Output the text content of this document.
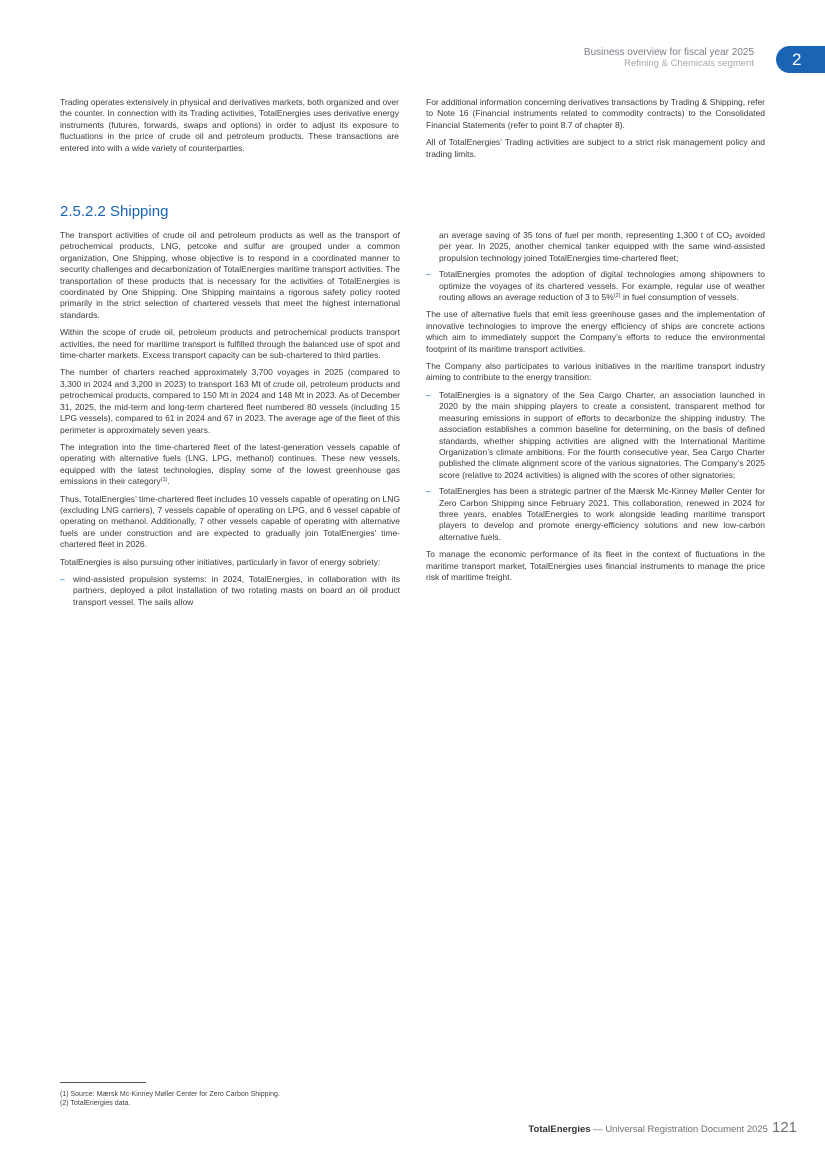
Business overview for fiscal year 2025
Refining & Chemicals segment	2

Trading operates extensively in physical and derivatives markets, both organized and over the counter. In connection with its Trading activities, TotalEnergies uses derivative energy instruments (futures, forwards, swaps and options) in order to adjust its exposure to fluctuations in the price of crude oil and petroleum products. These transactions are entered into with a wide variety of counterparties.

For additional information concerning derivatives transactions by Trading & Shipping, refer to Note 16 (Financial instruments related to commodity contracts) to the Consolidated Financial Statements (refer to point 8.7 of chapter 8).

All of TotalEnergies’ Trading activities are subject to a strict risk management policy and trading limits.

2.5.2.2 Shipping

The transport activities of crude oil and petroleum products as well as the transport of petrochemical products, LNG, petcoke and sulfur are grouped under a common organization, One Shipping, whose objective is to respond in a coordinated manner to security challenges and decarbonization of TotalEnergies maritime transport activities. The transportation of these products that is necessary for the activities of TotalEnergies is coordinated by One Shipping. One Shipping maintains a rigorous safety policy rooted primarily in the strict selection of chartered vessels that meet the highest international standards.

Within the scope of crude oil, petroleum products and petrochemical products transport activities, the need for maritime transport is fulfilled through the balanced use of spot and time-charter markets. Excess transport capacity can be sub-chartered to third parties.

The number of charters reached approximately 3,700 voyages in 2025 (compared to 3,300 in 2024 and 3,200 in 2023) to transport 163 Mt of crude oil, petroleum products and petrochemical products, compared to 150 Mt in 2024 and 148 Mt in 2023. As of December 31, 2025, the mid-term and long-term chartered fleet numbered 80 vessels (including 15 LPG vessels), compared to 61 in 2024 and 67 in 2023. The average age of the fleet of this perimeter is approximately seven years.

The integration into the time-chartered fleet of the latest-generation vessels capable of operating with alternative fuels (LNG, LPG, methanol) continues. These new vessels, equipped with the latest technologies, display some of the lowest greenhouse gas emissions in their category$^{(1)}$.

Thus, TotalEnergies’ time-chartered fleet includes 10 vessels capable of operating on LNG (excluding LNG carriers), 7 vessels capable of operating on LPG, and 6 vessel capable of operating on methanol. Additionally, 7 other vessels capable of operating with alternative fuels are under construction and are expected to gradually join TotalEnergies’ time-chartered fleet in 2026.

TotalEnergies is also pursuing other initiatives, particularly in favor of energy sobriety:

– wind-assisted propulsion systems: in 2024, TotalEnergies, in collaboration with its partners, deployed a pilot installation of two rotating masts on board an oil product transport vessel. The sails allow
an average saving of 35 tons of fuel per month, representing 1,300 t of $CO_2$ avoided per year. In 2025, another chemical tanker equipped with the same wind-assisted propulsion technology joined TotalEnergies time-chartered fleet;
– TotalEnergies promotes the adoption of digital technologies among shipowners to optimize the voyages of its chartered vessels. For example, regular use of weather routing allows an average reduction of 3 to 5%$^{(2)}$ in fuel consumption of vessels.

The use of alternative fuels that emit less greenhouse gases and the implementation of innovative technologies to improve the energy efficiency of ships are concrete actions which aim to immediately support the Company’s efforts to reduce the environmental footprint of its maritime transport activities.

The Company also participates to various initiatives in the maritime transport industry aiming to contribute to the energy transition:

– TotalEnergies is a signatory of the Sea Cargo Charter, an association launched in 2020 by the main shipping players to create a consistent, transparent method for measuring emissions in support of efforts to decarbonize the shipping industry. The association establishes a common baseline for determining, on the basis of defined standards, whether shipping activities are aligned with the International Maritime Organization’s climate ambitions. For the fourth consecutive year, Sea Cargo Charter published the climate alignment score of the various signatories. The Company’s 2025 score (relative to 2024 activities) is aligned with the scores of other signatories;
– TotalEnergies has been a strategic partner of the Mærsk Mc-Kinney Møller Center for Zero Carbon Shipping since February 2021. This collaboration, renewed in 2024 for three years, enables TotalEnergies to work alongside leading maritime transport players to develop and promote energy-efficiency solutions and new low-carbon alternative fuels.

To manage the economic performance of its fleet in the context of fluctuations in the maritime transport market, TotalEnergies uses financial instruments to manage the price risk of maritime freight.

(1) Source: Mærsk Mc-Kinney Møller Center for Zero Carbon Shipping.
(2) TotalEnergies data.
TotalEnergies — Universal Registration Document 2025 121
